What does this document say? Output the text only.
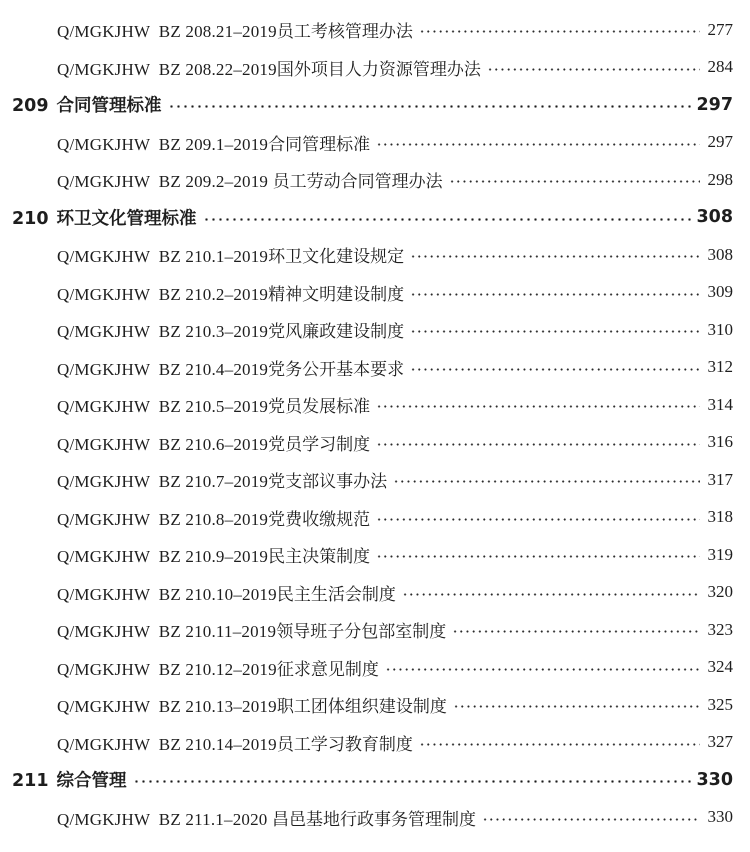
Q/MGKJHW  BZ 208.21–2019员工考核管理办法	277
Q/MGKJHW  BZ 208.22–2019国外项目人力资源管理办法	284
209 合同管理标准	297
Q/MGKJHW  BZ 209.1–2019合同管理标准	297
Q/MGKJHW  BZ 209.2–2019 员工劳动合同管理办法	298
210 环卫文化管理标准	308
Q/MGKJHW  BZ 210.1–2019环卫文化建设规定	308
Q/MGKJHW  BZ 210.2–2019精神文明建设制度	309
Q/MGKJHW  BZ 210.3–2019党风廉政建设制度	310
Q/MGKJHW  BZ 210.4–2019党务公开基本要求	312
Q/MGKJHW  BZ 210.5–2019党员发展标准	314
Q/MGKJHW  BZ 210.6–2019党员学习制度	316
Q/MGKJHW  BZ 210.7–2019党支部议事办法	317
Q/MGKJHW  BZ 210.8–2019党费收缴规范	318
Q/MGKJHW  BZ 210.9–2019民主决策制度	319
Q/MGKJHW  BZ 210.10–2019民主生活会制度	320
Q/MGKJHW  BZ 210.11–2019领导班子分包部室制度	323
Q/MGKJHW  BZ 210.12–2019征求意见制度	324
Q/MGKJHW  BZ 210.13–2019职工团体组织建设制度	325
Q/MGKJHW  BZ 210.14–2019员工学习教育制度	327
211 综合管理	330
Q/MGKJHW  BZ 211.1–2020 昌邑基地行政事务管理制度	330
